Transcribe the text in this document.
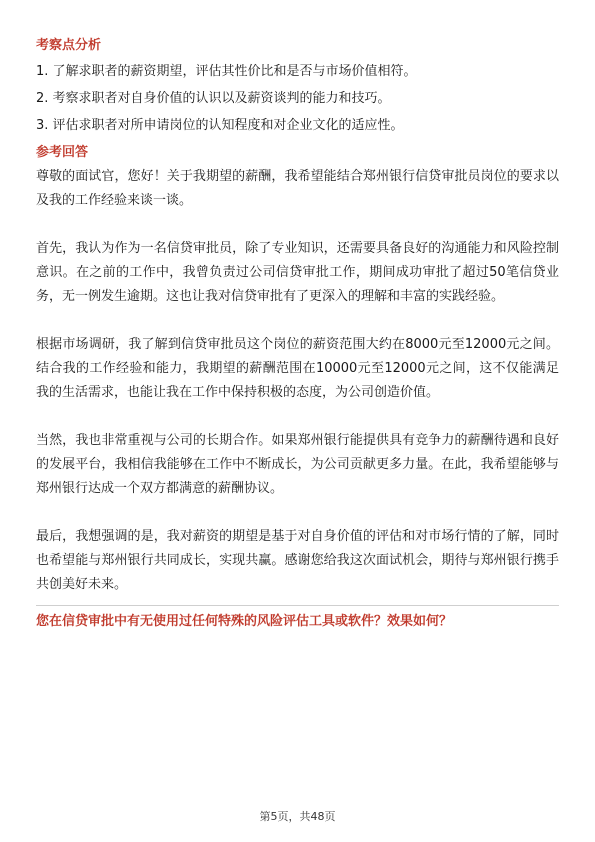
考察点分析
1. 了解求职者的薪资期望，评估其性价比和是否与市场价值相符。
2. 考察求职者对自身价值的认识以及薪资谈判的能力和技巧。
3. 评估求职者对所申请岗位的认知程度和对企业文化的适应性。
参考回答

尊敬的面试官，您好！关于我期望的薪酬，我希望能结合郑州银行信贷审批员岗位的要求以及我的工作经验来谈一谈。

首先，我认为作为一名信贷审批员，除了专业知识，还需要具备良好的沟通能力和风险控制意识。在之前的工作中，我曾负责过公司信贷审批工作，期间成功审批了超过50笔信贷业务，无一例发生逾期。这也让我对信贷审批有了更深入的理解和丰富的实践经验。

根据市场调研，我了解到信贷审批员这个岗位的薪资范围大约在8000元至12000元之间。结合我的工作经验和能力，我期望的薪酬范围在10000元至12000元之间，这不仅能满足我的生活需求，也能让我在工作中保持积极的态度，为公司创造价值。

当然，我也非常重视与公司的长期合作。如果郑州银行能提供具有竞争力的薪酬待遇和良好的发展平台，我相信我能够在工作中不断成长，为公司贡献更多力量。在此，我希望能够与郑州银行达成一个双方都满意的薪酬协议。

最后，我想强调的是，我对薪资的期望是基于对自身价值的评估和对市场行情的了解，同时也希望能与郑州银行共同成长，实现共赢。感谢您给我这次面试机会，期待与郑州银行携手共创美好未来。

您在信贷审批中有无使用过任何特殊的风险评估工具或软件？效果如何？
第5页，共48页
